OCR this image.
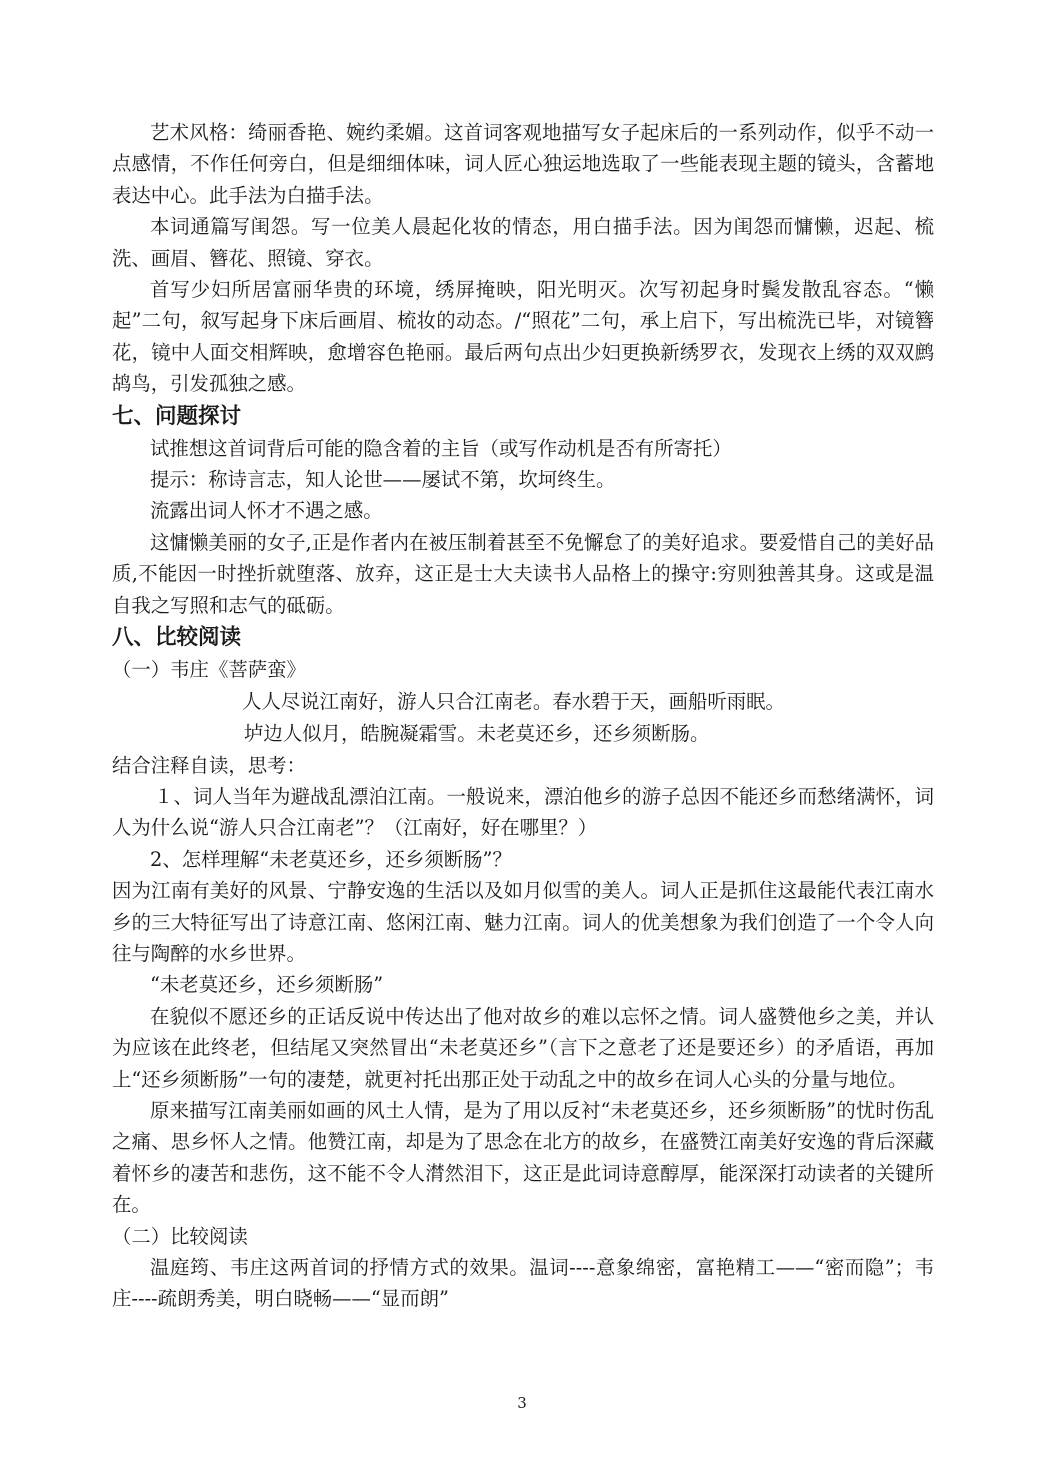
艺术风格：绮丽香艳、婉约柔媚。这首词客观地描写女子起床后的一系列动作，似乎不动一点感情，不作任何旁白，但是细细体味，词人匠心独运地选取了一些能表现主题的镜头，含蓄地表达中心。此手法为白描手法。

本词通篇写闺怨。写一位美人晨起化妆的情态，用白描手法。因为闺怨而慵懒，迟起、梳洗、画眉、簪花、照镜、穿衣。

首写少妇所居富丽华贵的环境，绣屏掩映，阳光明灭。次写初起身时鬓发散乱容态。“懒起”二句，叙写起身下床后画眉、梳妆的动态。/“照花”二句，承上启下，写出梳洗已毕，对镜簪花，镜中人面交相辉映，愈增容色艳丽。最后两句点出少妇更换新绣罗衣，发现衣上绣的双双鹧鸪鸟，引发孤独之感。

七、问题探讨

试推想这首词背后可能的隐含着的主旨（或写作动机是否有所寄托）

提示：称诗言志，知人论世——屡试不第，坎坷终生。

流露出词人怀才不遇之感。

这慵懒美丽的女子,正是作者内在被压制着甚至不免懈怠了的美好追求。要爱惜自己的美好品质,不能因一时挫折就堕落、放弃，这正是士大夫读书人品格上的操守:穷则独善其身。这或是温自我之写照和志气的砥砺。

八、比较阅读

（一）韦庄《菩萨蛮》

人人尽说江南好，游人只合江南老。春水碧于天，画船听雨眠。

垆边人似月，皓腕凝霜雪。未老莫还乡，还乡须断肠。

结合注释自读，思考：

１、词人当年为避战乱漂泊江南。一般说来，漂泊他乡的游子总因不能还乡而愁绪满怀，词人为什么说“游人只合江南老”？（江南好，好在哪里？）

2、怎样理解“未老莫还乡，还乡须断肠”？

因为江南有美好的风景、宁静安逸的生活以及如月似雪的美人。词人正是抓住这最能代表江南水乡的三大特征写出了诗意江南、悠闲江南、魅力江南。词人的优美想象为我们创造了一个令人向往与陶醉的水乡世界。

“未老莫还乡，还乡须断肠”

在貌似不愿还乡的正话反说中传达出了他对故乡的难以忘怀之情。词人盛赞他乡之美，并认为应该在此终老，但结尾又突然冒出“未老莫还乡”（言下之意老了还是要还乡）的矛盾语，再加上“还乡须断肠”一句的凄楚，就更衬托出那正处于动乱之中的故乡在词人心头的分量与地位。

原来描写江南美丽如画的风土人情，是为了用以反衬“未老莫还乡，还乡须断肠”的忧时伤乱之痛、思乡怀人之情。他赞江南，却是为了思念在北方的故乡，在盛赞江南美好安逸的背后深藏着怀乡的凄苦和悲伤，这不能不令人潸然泪下，这正是此词诗意醇厚，能深深打动读者的关键所在。

（二）比较阅读

温庭筠、韦庄这两首词的抒情方式的效果。温词----意象绵密，富艳精工——“密而隐”；韦庄----疏朗秀美，明白晓畅——“显而朗”

3
